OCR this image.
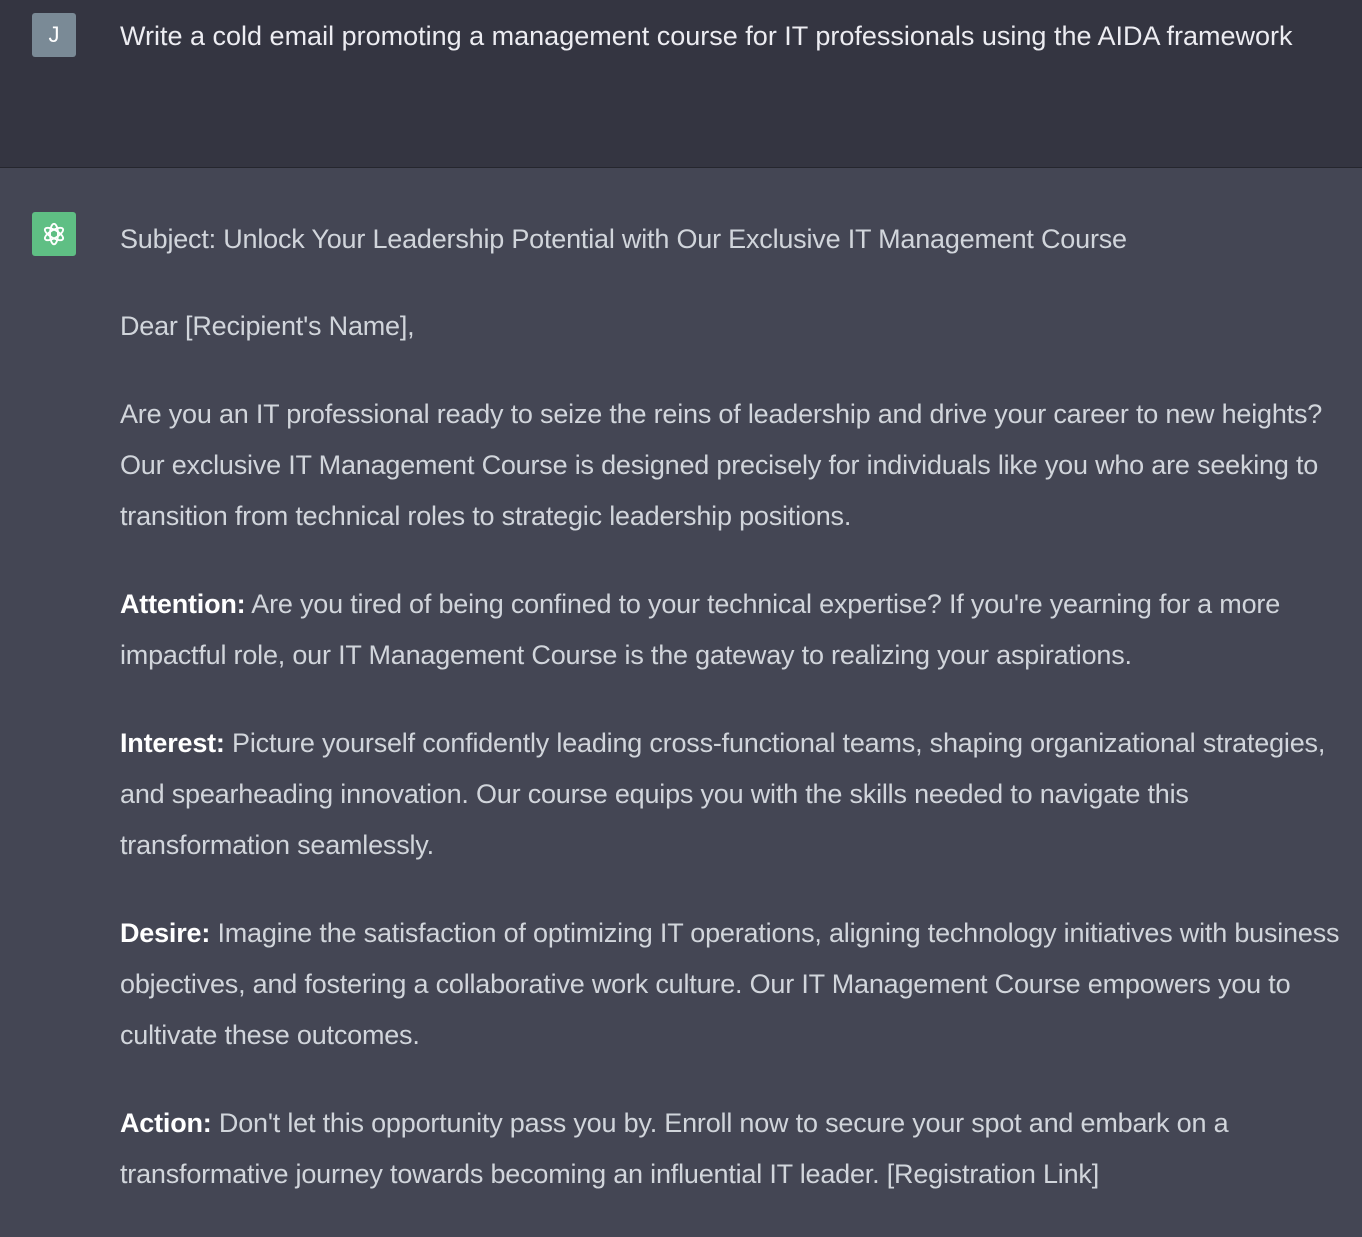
J Write a cold email promoting a management course for IT professionals using the AIDA framework

Subject: Unlock Your Leadership Potential with Our Exclusive IT Management Course

Dear [Recipient's Name],

Are you an IT professional ready to seize the reins of leadership and drive your career to new heights? Our exclusive IT Management Course is designed precisely for individuals like you who are seeking to transition from technical roles to strategic leadership positions.

Attention: Are you tired of being confined to your technical expertise? If you're yearning for a more impactful role, our IT Management Course is the gateway to realizing your aspirations.

Interest: Picture yourself confidently leading cross-functional teams, shaping organizational strategies, and spearheading innovation. Our course equips you with the skills needed to navigate this transformation seamlessly.

Desire: Imagine the satisfaction of optimizing IT operations, aligning technology initiatives with business objectives, and fostering a collaborative work culture. Our IT Management Course empowers you to cultivate these outcomes.

Action: Don't let this opportunity pass you by. Enroll now to secure your spot and embark on a transformative journey towards becoming an influential IT leader. [Registration Link]
